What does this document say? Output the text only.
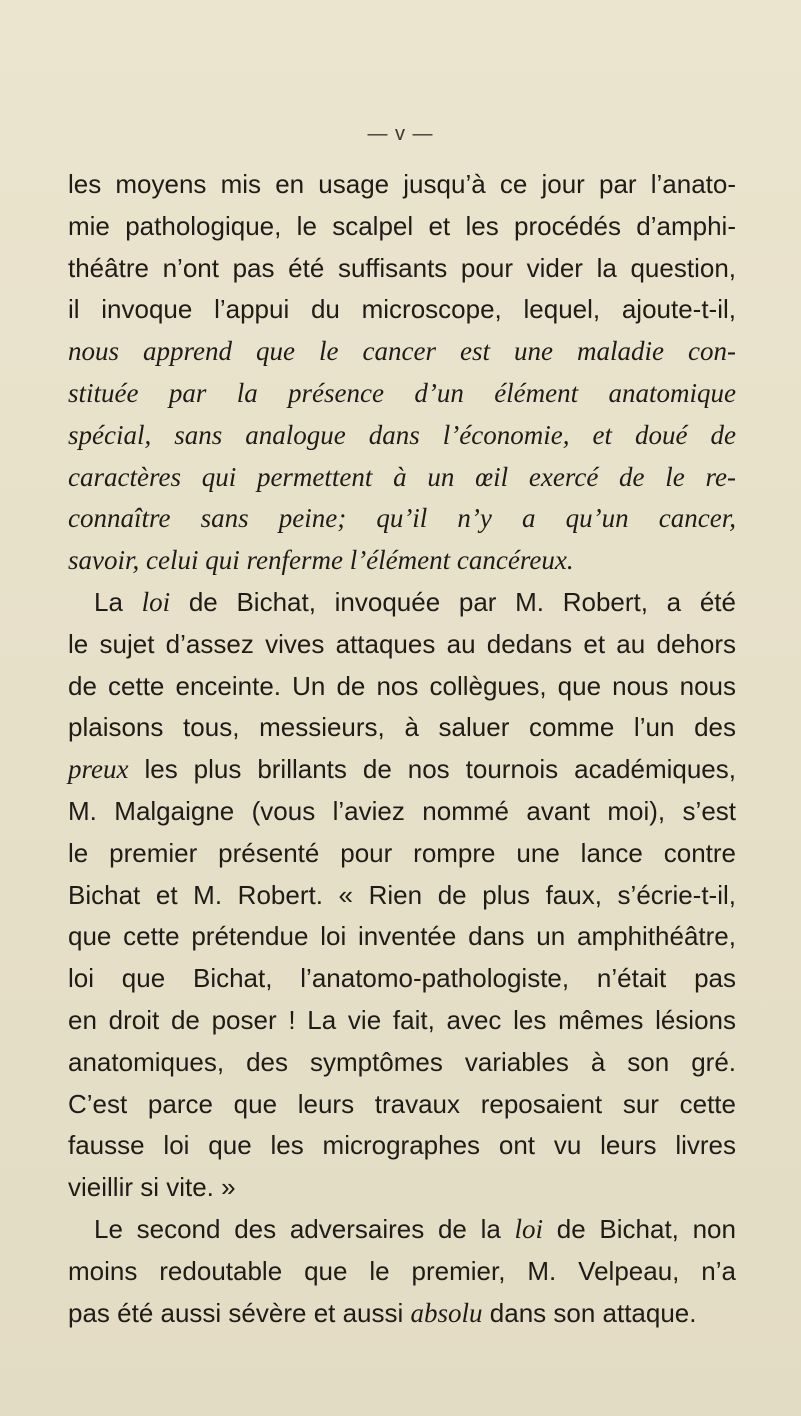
— v —
les moyens mis en usage jusqu’à ce jour par l’anato-
mie pathologique, le scalpel et les procédés d’amphi-
théâtre n’ont pas été suffisants pour vider la question,
il invoque l’appui du microscope, lequel, ajoute-t-il,
nous apprend que le cancer est une maladie con-
stituée par la présence d’un élément anatomique
spécial, sans analogue dans l’économie, et doué de
caractères qui permettent à un œil exercé de le re-
connaître sans peine; qu’il n’y a qu’un cancer,
savoir, celui qui renferme l’élément cancéreux.
La loi de Bichat, invoquée par M. Robert, a été
le sujet d’assez vives attaques au dedans et au dehors
de cette enceinte. Un de nos collègues, que nous nous
plaisons tous, messieurs, à saluer comme l’un des
preux les plus brillants de nos tournois académiques,
M. Malgaigne (vous l’aviez nommé avant moi), s’est
le premier présenté pour rompre une lance contre
Bichat et M. Robert. « Rien de plus faux, s’écrie-t-il,
que cette prétendue loi inventée dans un amphithéâtre,
loi que Bichat, l’anatomo-pathologiste, n’était pas
en droit de poser ! La vie fait, avec les mêmes lésions
anatomiques, des symptômes variables à son gré.
C’est parce que leurs travaux reposaient sur cette
fausse loi que les micrographes ont vu leurs livres
vieillir si vite. »
Le second des adversaires de la loi de Bichat, non
moins redoutable que le premier, M. Velpeau, n’a
pas été aussi sévère et aussi absolu dans son attaque.
